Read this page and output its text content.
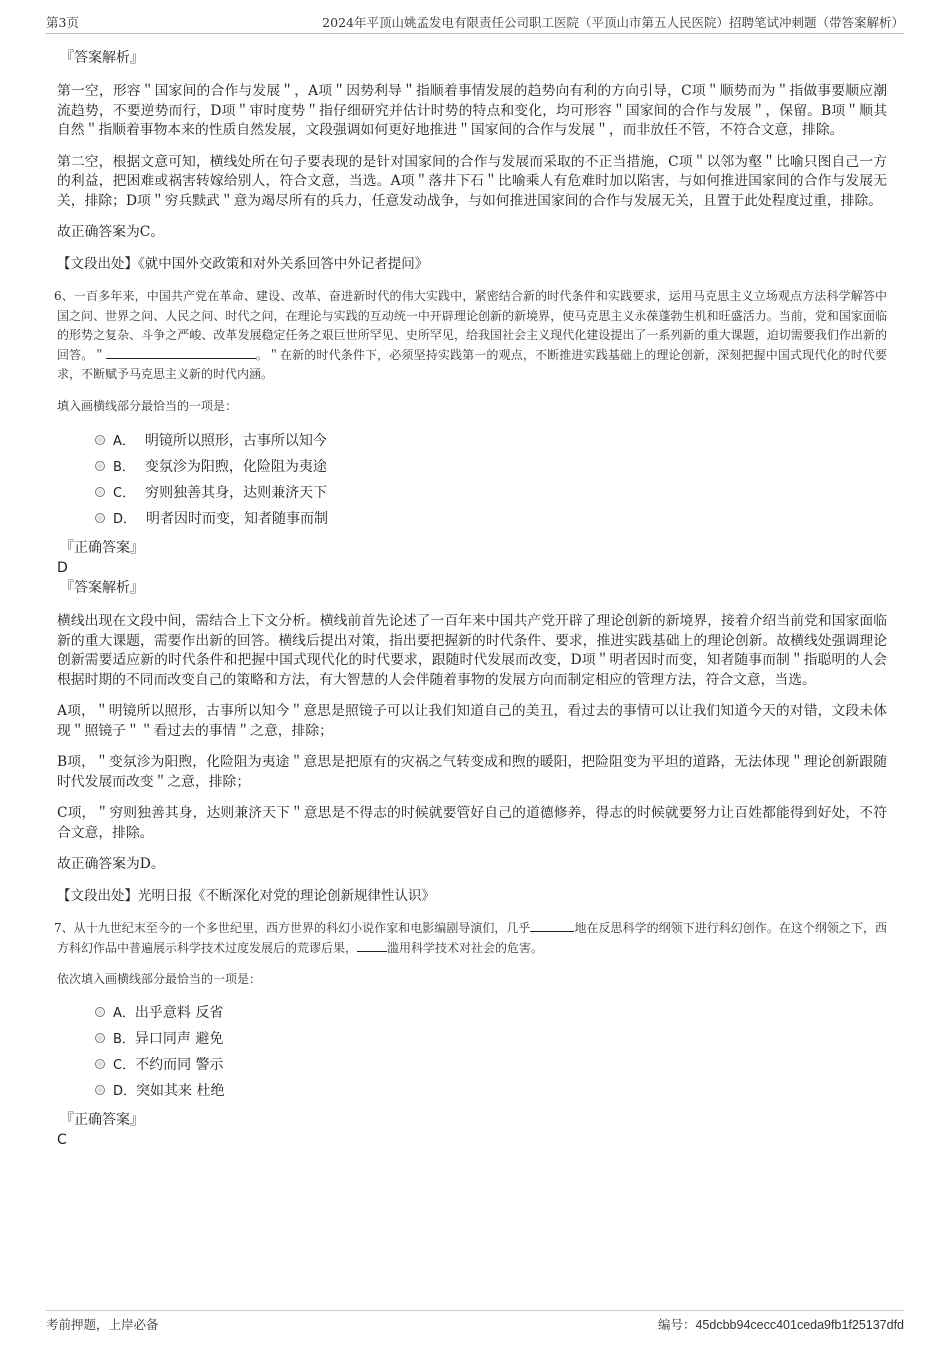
第3页	2024年平顶山姚孟发电有限责任公司职工医院（平顶山市第五人民医院）招聘笔试冲刺题（带答案解析）
『答案解析』

第一空，形容＂国家间的合作与发展＂，A项＂因势利导＂指顺着事情发展的趋势向有利的方向引导，C项＂顺势而为＂指做事要顺应潮流趋势，不要逆势而行，D项＂审时度势＂指仔细研究并估计时势的特点和变化，均可形容＂国家间的合作与发展＂，保留。B项＂顺其自然＂指顺着事物本来的性质自然发展，文段强调如何更好地推进＂国家间的合作与发展＂，而非放任不管，不符合文意，排除。

第二空，根据文意可知，横线处所在句子要表现的是针对国家间的合作与发展而采取的不正当措施，C项＂以邻为壑＂比喻只图自己一方的利益，把困难或祸害转嫁给别人，符合文意，当选。A项＂落井下石＂比喻乘人有危难时加以陷害，与如何推进国家间的合作与发展无关，排除；D项＂穷兵黩武＂意为竭尽所有的兵力，任意发动战争，与如何推进国家间的合作与发展无关，且置于此处程度过重，排除。

故正确答案为C。

【文段出处】《就中国外交政策和对外关系回答中外记者提问》

6、一百多年来，中国共产党在革命、建设、改革、奋进新时代的伟大实践中，紧密结合新的时代条件和实践要求，运用马克思主义立场观点方法科学解答中国之问、世界之问、人民之问、时代之问，在理论与实践的互动统一中开辟理论创新的新境界，使马克思主义永葆蓬勃生机和旺盛活力。当前，党和国家面临的形势之复杂、斗争之严峻、改革发展稳定任务之艰巨世所罕见、史所罕见，给我国社会主义现代化建设提出了一系列新的重大课题，迫切需要我们作出新的回答。＂	。＂在新的时代条件下，必须坚持实践第一的观点，不断推进实践基础上的理论创新，深刻把握中国式现代化的时代要求，不断赋予马克思主义新的时代内涵。

填入画横线部分最恰当的一项是：

A． 明镜所以照形，古事所以知今
B． 变氛沴为阳煦，化险阻为夷途
C． 穷则独善其身，达则兼济天下
D． 明者因时而变，知者随事而制
『正确答案』
D
『答案解析』

横线出现在文段中间，需结合上下文分析。横线前首先论述了一百年来中国共产党开辟了理论创新的新境界，接着介绍当前党和国家面临新的重大课题，需要作出新的回答。横线后提出对策，指出要把握新的时代条件、要求，推进实践基础上的理论创新。故横线处强调理论创新需要适应新的时代条件和把握中国式现代化的时代要求，跟随时代发展而改变，D项＂明者因时而变，知者随事而制＂指聪明的人会根据时期的不同而改变自己的策略和方法，有大智慧的人会伴随着事物的发展方向而制定相应的管理方法，符合文意，当选。

A项，＂明镜所以照形，古事所以知今＂意思是照镜子可以让我们知道自己的美丑，看过去的事情可以让我们知道今天的对错，文段未体现＂照镜子＂＂看过去的事情＂之意，排除；

B项，＂变氛沴为阳煦，化险阻为夷途＂意思是把原有的灾祸之气转变成和煦的暖阳，把险阻变为平坦的道路，无法体现＂理论创新跟随时代发展而改变＂之意，排除；

C项，＂穷则独善其身，达则兼济天下＂意思是不得志的时候就要管好自己的道德修养，得志的时候就要努力让百姓都能得到好处，不符合文意，排除。

故正确答案为D。

【文段出处】光明日报《不断深化对党的理论创新规律性认识》

7、从十九世纪末至今的一个多世纪里，西方世界的科幻小说作家和电影编剧导演们，几乎	地在反思科学的纲领下进行科幻创作。在这个纲领之下，西方科幻作品中普遍展示科学技术过度发展后的荒谬后果，	滥用科学技术对社会的危害。

依次填入画横线部分最恰当的一项是：

A．出乎意料 反省
B．异口同声 避免
C．不约而同 警示
D．突如其来 杜绝
『正确答案』
C
考前押题，上岸必备	编号：45dcbb94cecc401ceda9fb1f25137dfd
